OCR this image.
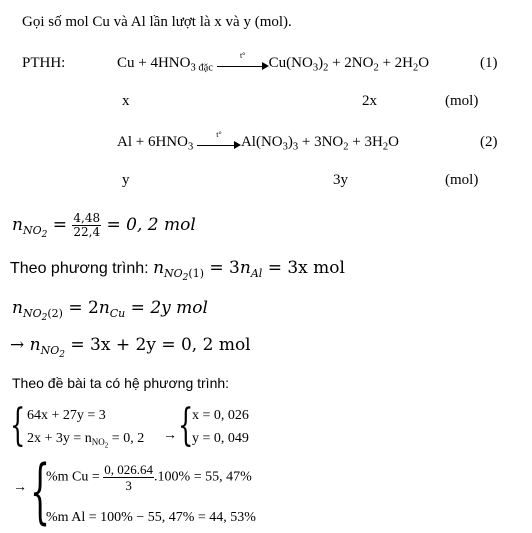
Gọi số mol Cu và Al lần lượt là x và y (mol).
PTHH:	$Cu + 4HNO_{3 đặc}$
t°	$Cu(NO_3)_2 + 2NO_2 + 2H_2O$	(1)
x	2x	(mol)
$Al + 6HNO_3$
t°	$Al(NO_3)_3 + 3NO_2 + 3H_2O$	(2)
y	3y	(mol)
$n_{NO_2} = \frac{4,48}{22,4} = 0$, 2 mol
Theo phương trình: $n_{NO_2(1)} = 3n_{Al} = 3x$ mol
$n_{NO_2(2)} = 2n_{Cu} = 2y$ mol
→ $n_{NO_2} = 3x + 2y = 0$, 2 mol
Theo đề bài ta có hệ phương trình:
{ 64x + 27y = 3
$2x + 3y = n_{NO_2} = 0$, 2 → {
x = 0, 026
y = 0, 049
→ {
%m $Cu = \frac{0, 026.64}{3} .100\% = 55$, 47%
%m Al = 100% − 55, 47% = 44, 53%
